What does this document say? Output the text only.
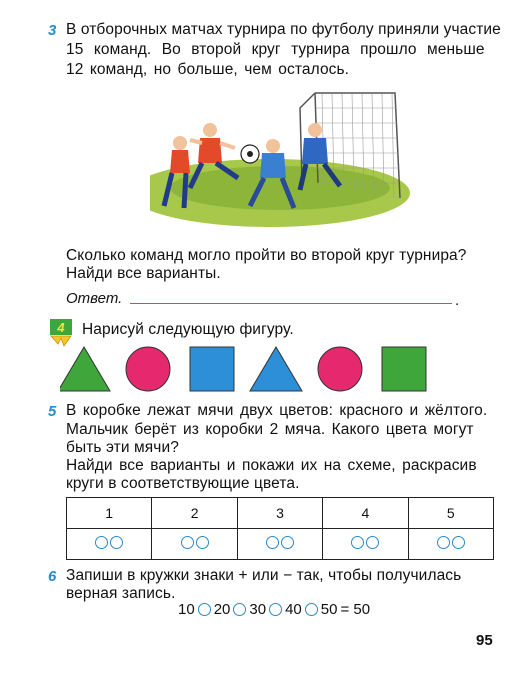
3 В отборочных матчах турнира по футболу приняли участие
15 команд. Во второй круг турнира прошло меньше
12 команд, но больше, чем осталось.
Сколько команд могло пройти во второй круг турнира?
Найди все варианты.
Ответ.	.
4 Нарисуй следующую фигуру.
5 В коробке лежат мячи двух цветов: красного и жёлтого.
Мальчик берёт из коробки 2 мяча. Какого цвета могут
быть эти мячи?
Найди все варианты и покажи их на схеме, раскрасив
круги в соответствующие цвета.
1	2	3	4	5

6 Запиши в кружки знаки + или − так, чтобы получилась
верная запись.
10 20 30 40 50 = 50
95
